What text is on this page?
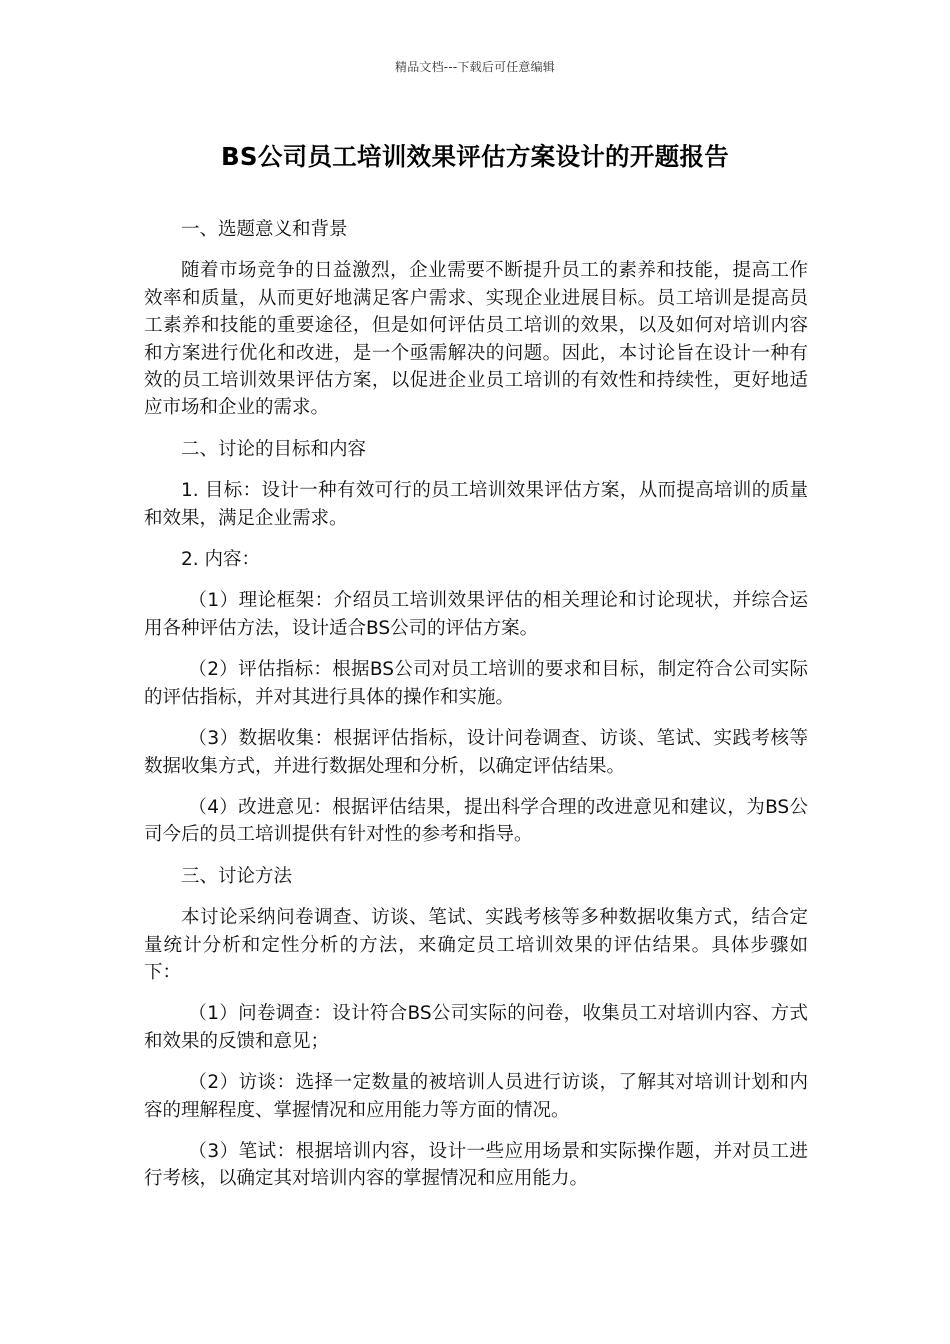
精品文档---下载后可任意编辑
BS公司员工培训效果评估方案设计的开题报告

一、选题意义和背景

随着市场竞争的日益激烈，企业需要不断提升员工的素养和技能，提高工作效率和质量，从而更好地满足客户需求、实现企业进展目标。员工培训是提高员工素养和技能的重要途径，但是如何评估员工培训的效果，以及如何对培训内容和方案进行优化和改进，是一个亟需解决的问题。因此，本讨论旨在设计一种有效的员工培训效果评估方案，以促进企业员工培训的有效性和持续性，更好地适应市场和企业的需求。

二、讨论的目标和内容

1. 目标：设计一种有效可行的员工培训效果评估方案，从而提高培训的质量和效果，满足企业需求。

2. 内容：

（1）理论框架：介绍员工培训效果评估的相关理论和讨论现状，并综合运用各种评估方法，设计适合BS公司的评估方案。

（2）评估指标：根据BS公司对员工培训的要求和目标，制定符合公司实际的评估指标，并对其进行具体的操作和实施。

（3）数据收集：根据评估指标，设计问卷调查、访谈、笔试、实践考核等数据收集方式，并进行数据处理和分析，以确定评估结果。

（4）改进意见：根据评估结果，提出科学合理的改进意见和建议，为BS公司今后的员工培训提供有针对性的参考和指导。

三、讨论方法

本讨论采纳问卷调查、访谈、笔试、实践考核等多种数据收集方式，结合定量统计分析和定性分析的方法，来确定员工培训效果的评估结果。具体步骤如下：

（1）问卷调查：设计符合BS公司实际的问卷，收集员工对培训内容、方式和效果的反馈和意见；

（2）访谈：选择一定数量的被培训人员进行访谈，了解其对培训计划和内容的理解程度、掌握情况和应用能力等方面的情况。

（3）笔试：根据培训内容，设计一些应用场景和实际操作题，并对员工进行考核，以确定其对培训内容的掌握情况和应用能力。
